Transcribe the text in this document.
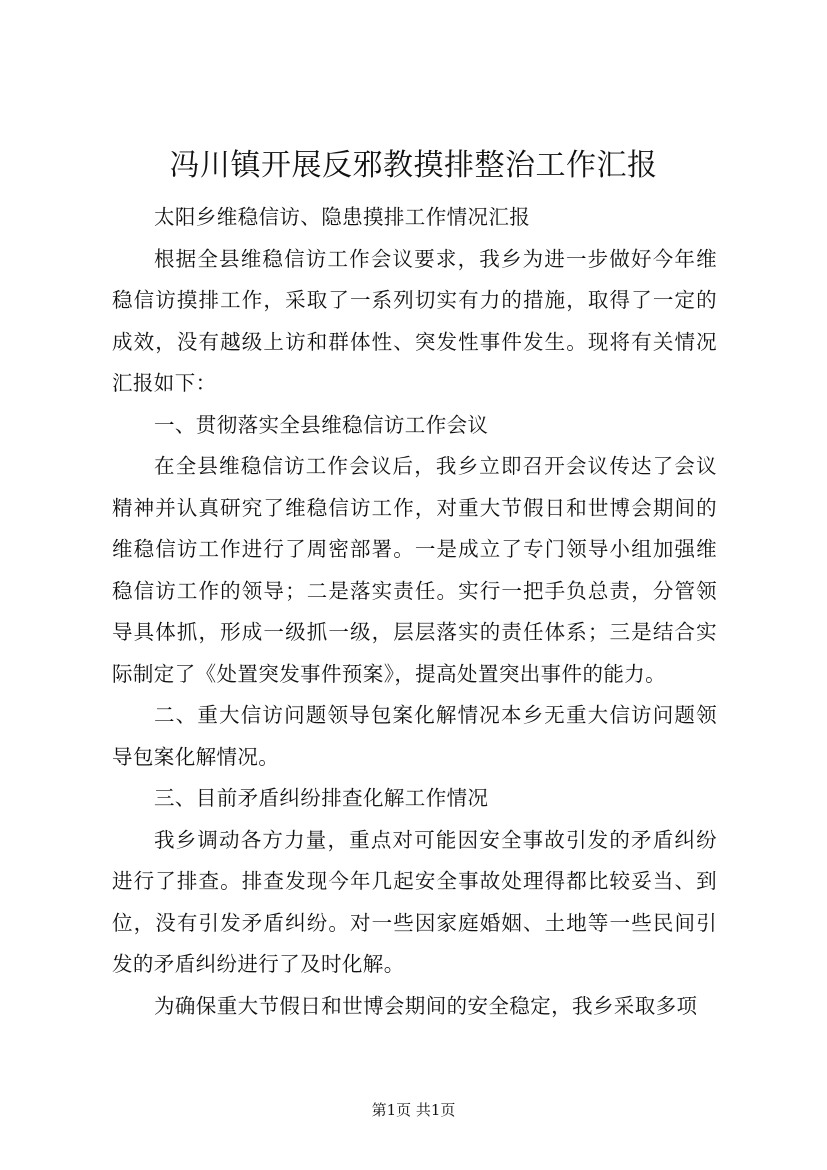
冯川镇开展反邪教摸排整治工作汇报

太阳乡维稳信访、隐患摸排工作情况汇报

根据全县维稳信访工作会议要求，我乡为进一步做好今年维稳信访摸排工作，采取了一系列切实有力的措施，取得了一定的成效，没有越级上访和群体性、突发性事件发生。现将有关情况汇报如下：

一、贯彻落实全县维稳信访工作会议

在全县维稳信访工作会议后，我乡立即召开会议传达了会议精神并认真研究了维稳信访工作，对重大节假日和世博会期间的维稳信访工作进行了周密部署。一是成立了专门领导小组加强维稳信访工作的领导；二是落实责任。实行一把手负总责，分管领导具体抓，形成一级抓一级，层层落实的责任体系；三是结合实际制定了《处置突发事件预案》，提高处置突出事件的能力。

二、重大信访问题领导包案化解情况本乡无重大信访问题领导包案化解情况。

三、目前矛盾纠纷排查化解工作情况

我乡调动各方力量，重点对可能因安全事故引发的矛盾纠纷进行了排查。排查发现今年几起安全事故处理得都比较妥当、到位，没有引发矛盾纠纷。对一些因家庭婚姻、土地等一些民间引发的矛盾纠纷进行了及时化解。

为确保重大节假日和世博会期间的安全稳定，我乡采取多项

第1页 共1页
